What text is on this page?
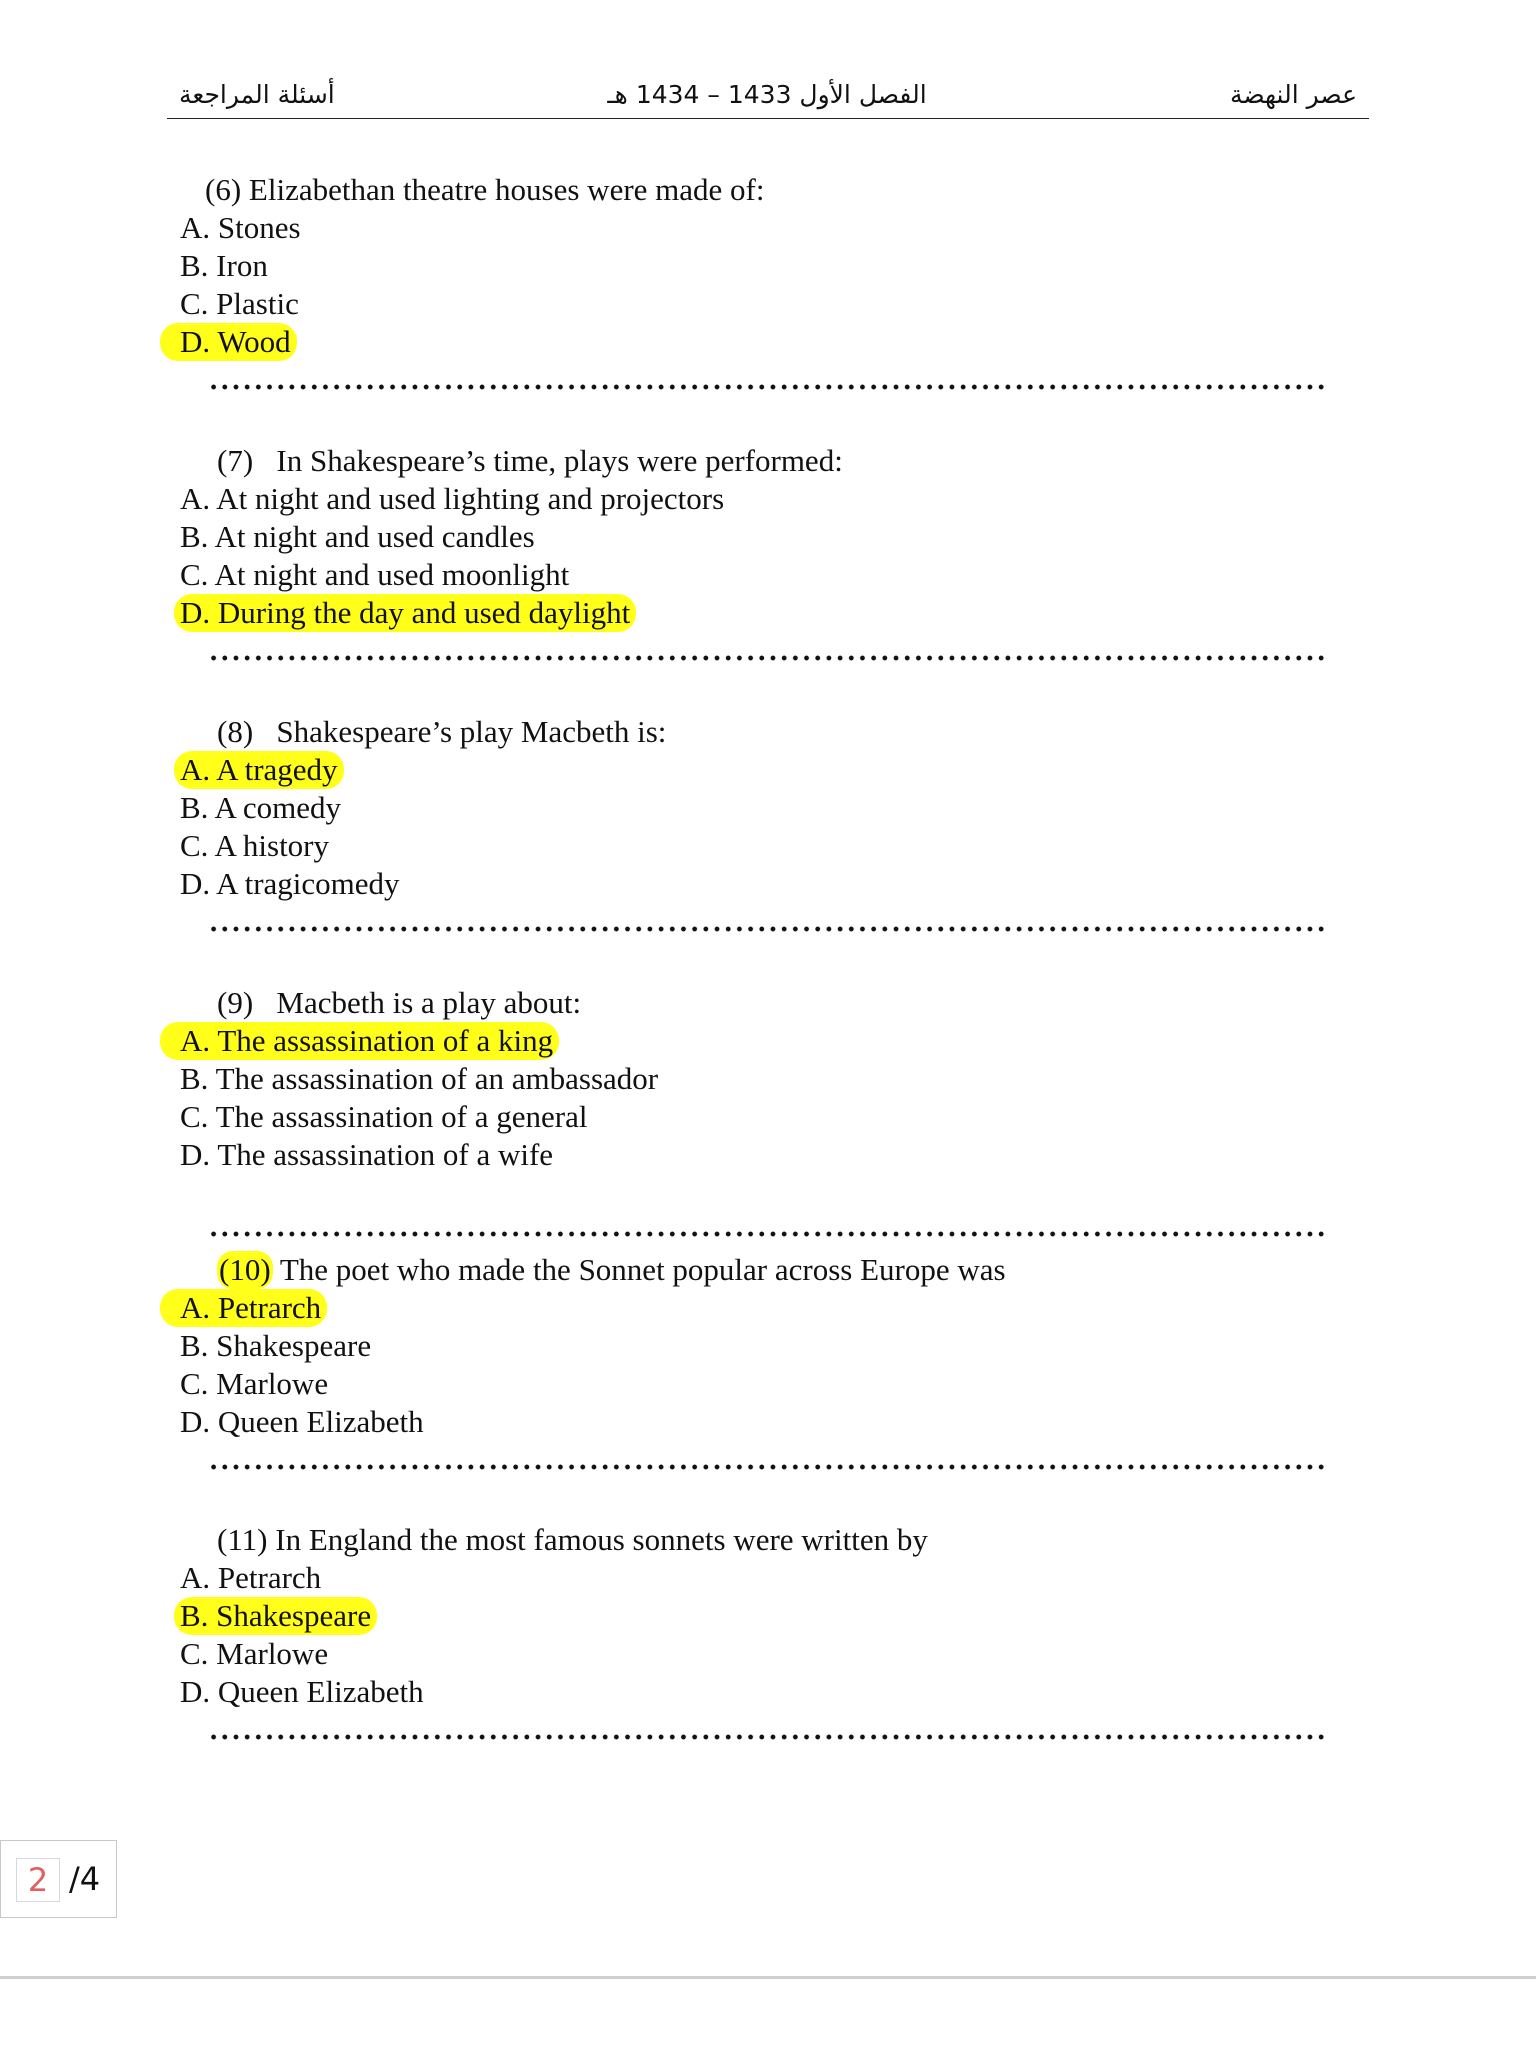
أسئلة المراجعة	الفصل الأول 1433 – 1434 هـ	عصر النهضة
(6) Elizabethan theatre houses were made of:
A. Stones
B. Iron
C. Plastic
D. Wood
(7) In Shakespeare’s time, plays were performed:
A. At night and used lighting and projectors
B. At night and used candles
C. At night and used moonlight
D. During the day and used daylight
(8) Shakespeare’s play Macbeth is:
A. A tragedy
B. A comedy
C. A history
D. A tragicomedy
(9) Macbeth is a play about:
A. The assassination of a king
B. The assassination of an ambassador
C. The assassination of a general
D. The assassination of a wife
(10) The poet who made the Sonnet popular across Europe was
A. Petrarch
B. Shakespeare
C. Marlowe
D. Queen Elizabeth
(11) In England the most famous sonnets were written by
A. Petrarch
B. Shakespeare
C. Marlowe
D. Queen Elizabeth
2 /4
